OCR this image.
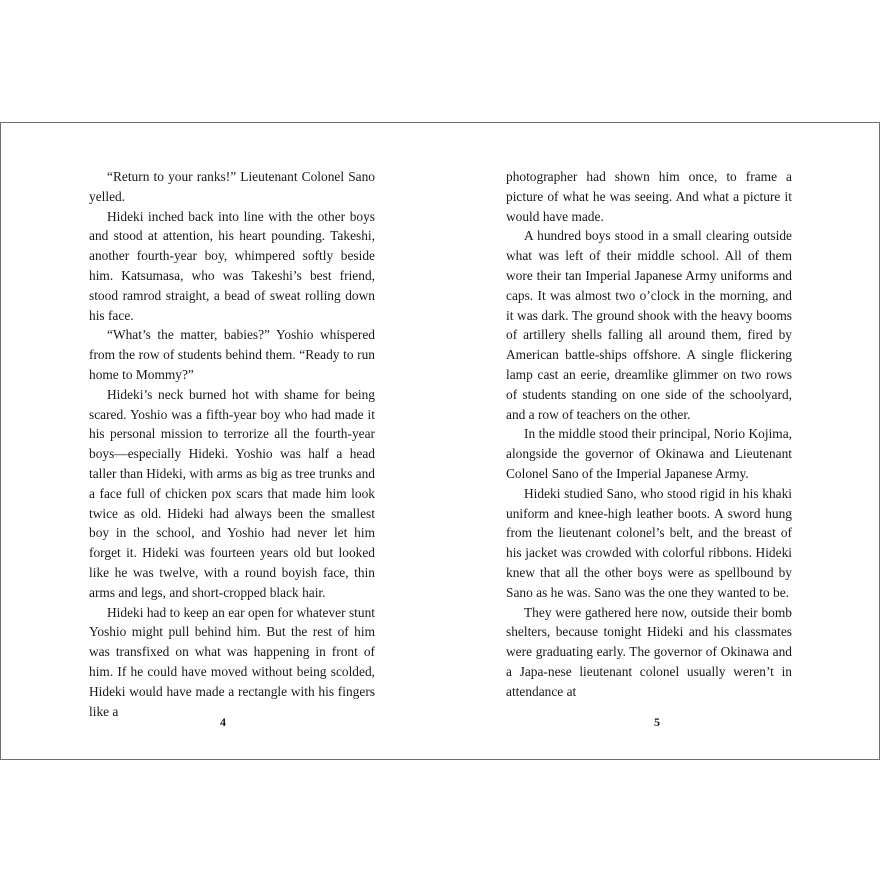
“Return to your ranks!” Lieutenant Colonel Sano yelled.

Hideki inched back into line with the other boys and stood at attention, his heart pounding. Takeshi, another fourth-year boy, whimpered softly beside him. Katsumasa, who was Takeshi’s best friend, stood ramrod straight, a bead of sweat rolling down his face.

“What’s the matter, babies?” Yoshio whispered from the row of students behind them. “Ready to run home to Mommy?”

Hideki’s neck burned hot with shame for being scared. Yoshio was a fifth-year boy who had made it his personal mission to terrorize all the fourth-year boys—especially Hideki. Yoshio was half a head taller than Hideki, with arms as big as tree trunks and a face full of chicken pox scars that made him look twice as old. Hideki had always been the smallest boy in the school, and Yoshio had never let him forget it. Hideki was fourteen years old but looked like he was twelve, with a round boyish face, thin arms and legs, and short-cropped black hair.

Hideki had to keep an ear open for whatever stunt Yoshio might pull behind him. But the rest of him was transfixed on what was happening in front of him. If he could have moved without being scolded, Hideki would have made a rectangle with his fingers like a

4

photographer had shown him once, to frame a picture of what he was seeing. And what a picture it would have made.

A hundred boys stood in a small clearing outside what was left of their middle school. All of them wore their tan Imperial Japanese Army uniforms and caps. It was almost two o’clock in the morning, and it was dark. The ground shook with the heavy booms of artillery shells falling all around them, fired by American battle-ships offshore. A single flickering lamp cast an eerie, dreamlike glimmer on two rows of students standing on one side of the schoolyard, and a row of teachers on the other.

In the middle stood their principal, Norio Kojima, alongside the governor of Okinawa and Lieutenant Colonel Sano of the Imperial Japanese Army.

Hideki studied Sano, who stood rigid in his khaki uniform and knee-high leather boots. A sword hung from the lieutenant colonel’s belt, and the breast of his jacket was crowded with colorful ribbons. Hideki knew that all the other boys were as spellbound by Sano as he was. Sano was the one they wanted to be.

They were gathered here now, outside their bomb shelters, because tonight Hideki and his classmates were graduating early. The governor of Okinawa and a Japa-nese lieutenant colonel usually weren’t in attendance at

5
